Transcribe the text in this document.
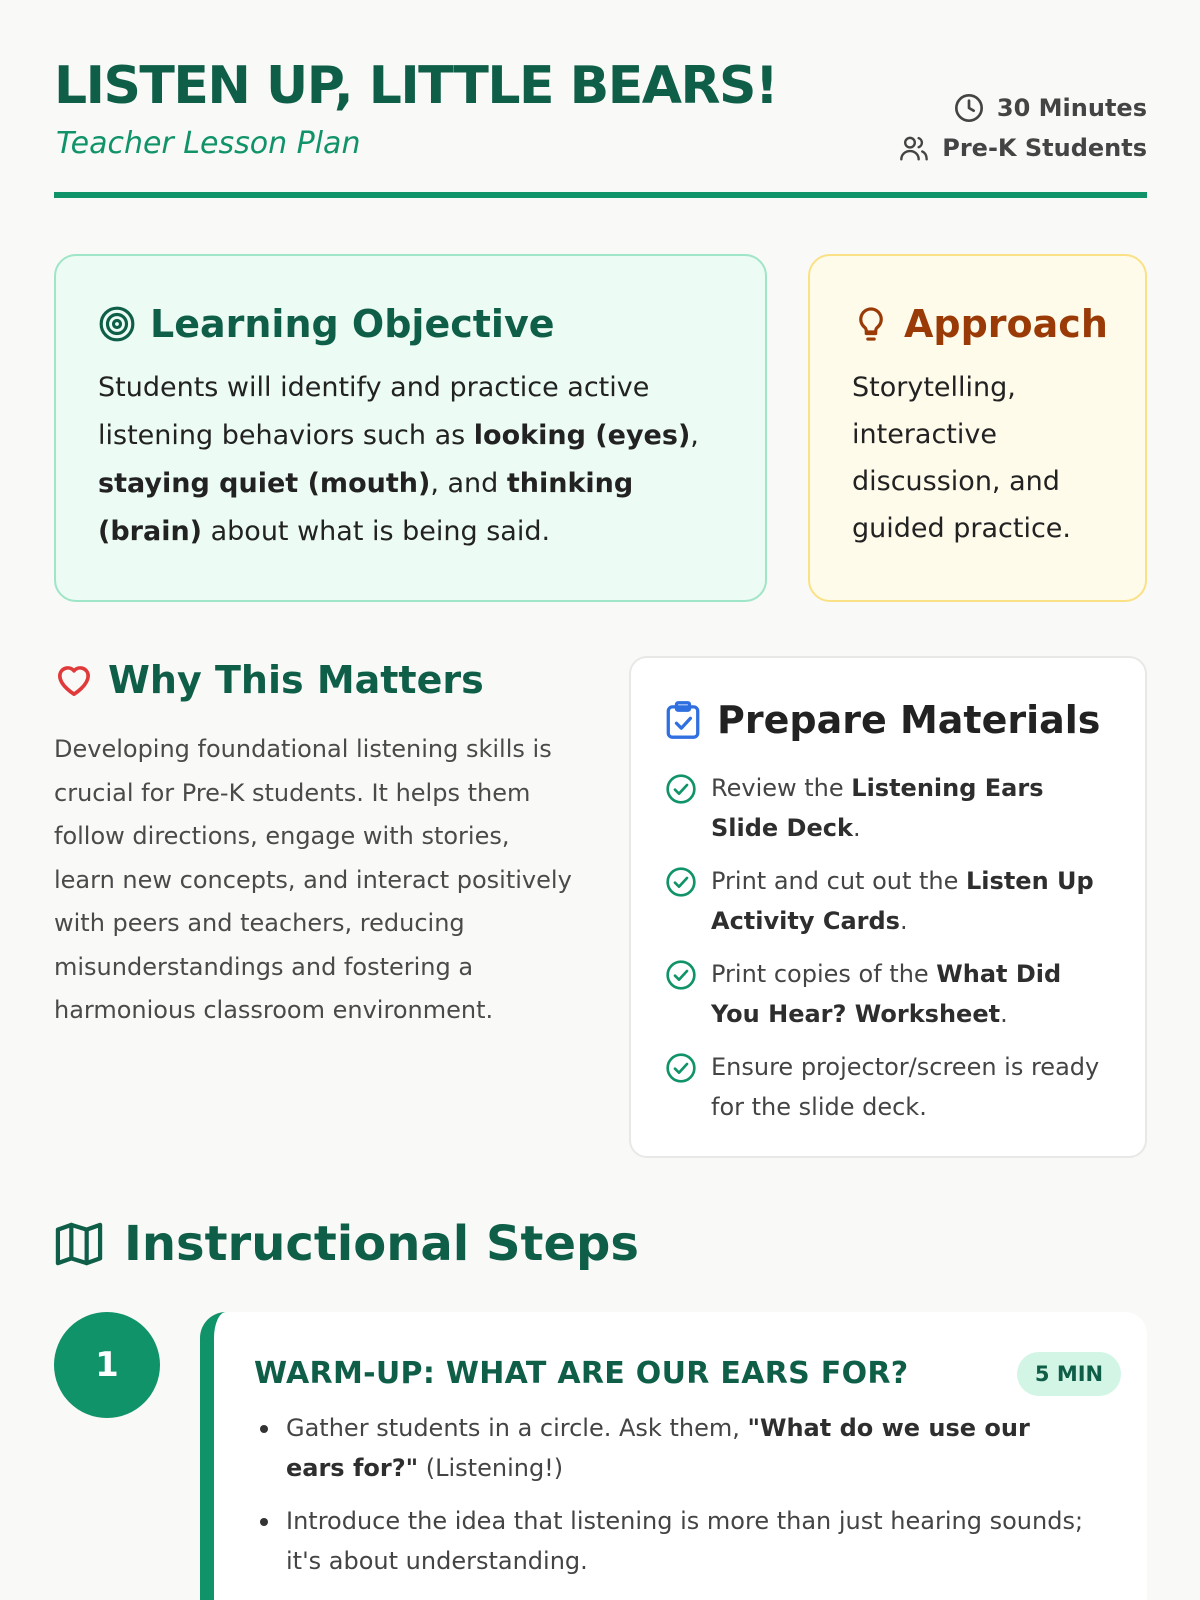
LISTEN UP, LITTLE BEARS!
Teacher Lesson Plan
30 Minutes
Pre-K Students
Learning Objective
Students will identify and practice active listening behaviors such as looking (eyes), staying quiet (mouth), and thinking (brain) about what is being said.
Approach
Storytelling, interactive discussion, and guided practice.
Why This Matters
Developing foundational listening skills is crucial for Pre-K students. It helps them follow directions, engage with stories, learn new concepts, and interact positively with peers and teachers, reducing misunderstandings and fostering a harmonious classroom environment.
Prepare Materials
Review the Listening Ears Slide Deck.
Print and cut out the Listen Up Activity Cards.
Print copies of the What Did You Hear? Worksheet.
Ensure projector/screen is ready for the slide deck.
Instructional Steps
1	WARM-UP: WHAT ARE OUR EARS FOR?	5 MIN
Gather students in a circle. Ask them, "What do we use our ears for?" (Listening!)
Introduce the idea that listening is more than just hearing sounds; it's about understanding.
